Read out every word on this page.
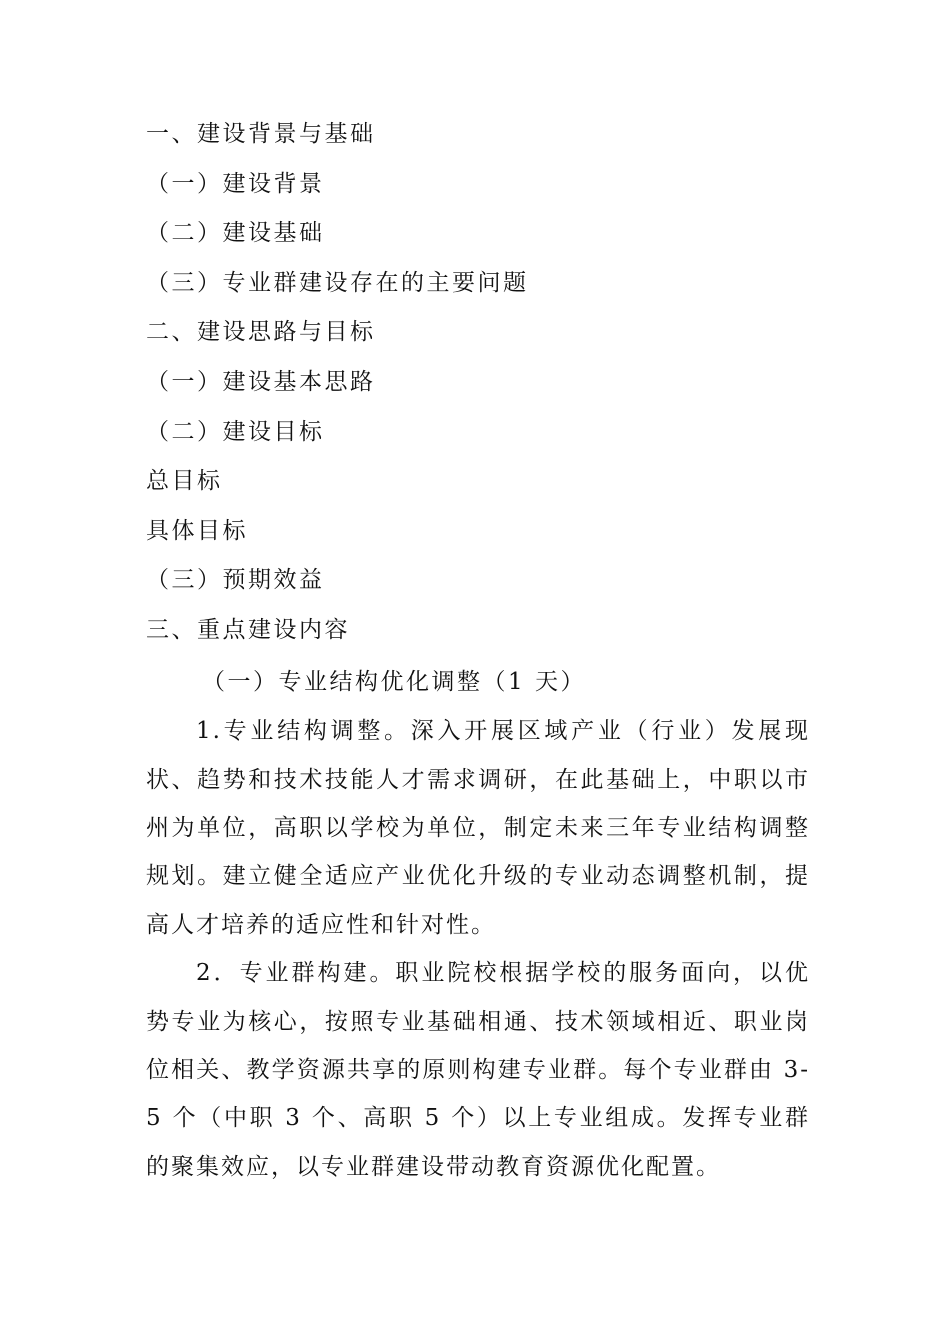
一、建设背景与基础
（一）建设背景
（二）建设基础
（三）专业群建设存在的主要问题
二、建设思路与目标
（一）建设基本思路
（二）建设目标
总目标
具体目标
（三）预期效益
三、重点建设内容
（一）专业结构优化调整（1 天）

1.专业结构调整。深入开展区域产业（行业）发展现状、趋势和技术技能人才需求调研，在此基础上，中职以市州为单位，高职以学校为单位，制定未来三年专业结构调整规划。建立健全适应产业优化升级的专业动态调整机制，提高人才培养的适应性和针对性。

2．专业群构建。职业院校根据学校的服务面向，以优势专业为核心，按照专业基础相通、技术领域相近、职业岗位相关、教学资源共享的原则构建专业群。每个专业群由 3-5 个（中职 3 个、高职 5 个）以上专业组成。发挥专业群的聚集效应，以专业群建设带动教育资源优化配置。
